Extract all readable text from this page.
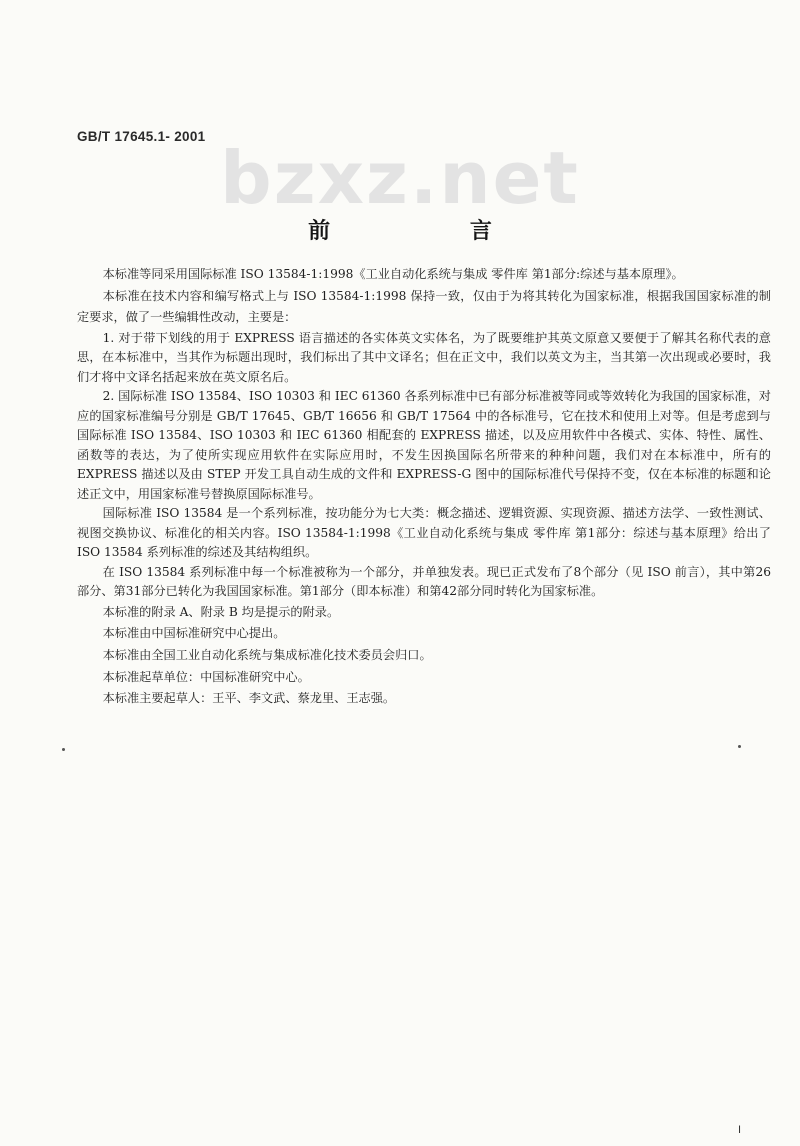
GB/T 17645.1- 2001 bzxz.net
前 言

本标准等同采用国际标准 ISO 13584-1:1998《工业自动化系统与集成 零件库 第1部分:综述与基本原理》。

本标准在技术内容和编写格式上与 ISO 13584-1:1998 保持一致，仅由于为将其转化为国家标准，根据我国国家标准的制定要求，做了一些编辑性改动，主要是：

1. 对于带下划线的用于 EXPRESS 语言描述的各实体英文实体名，为了既要维护其英文原意又要便于了解其名称代表的意思，在本标准中，当其作为标题出现时，我们标出了其中文译名；但在正文中，我们以英文为主，当其第一次出现或必要时，我们才将中文译名括起来放在英文原名后。

2. 国际标准 ISO 13584、ISO 10303 和 IEC 61360 各系列标准中已有部分标准被等同或等效转化为我国的国家标准，对应的国家标准编号分别是 GB/T 17645、GB/T 16656 和 GB/T 17564 中的各标准号，它在技术和使用上对等。但是考虑到与国际标准 ISO 13584、ISO 10303 和 IEC 61360 相配套的 EXPRESS 描述，以及应用软件中各模式、实体、特性、属性、函数等的表达，为了使所实现应用软件在实际应用时，不发生因换国际名所带来的种种问题，我们对在本标准中，所有的 EXPRESS 描述以及由 STEP 开发工具自动生成的文件和 EXPRESS-G 图中的国际标准代号保持不变，仅在本标准的标题和论述正文中，用国家标准号替换原国际标准号。

国际标准 ISO 13584 是一个系列标准，按功能分为七大类：概念描述、逻辑资源、实现资源、描述方法学、一致性测试、视图交换协议、标准化的相关内容。ISO 13584-1:1998《工业自动化系统与集成 零件库 第1部分：综述与基本原理》给出了 ISO 13584 系列标准的综述及其结构组织。

在 ISO 13584 系列标准中每一个标准被称为一个部分，并单独发表。现已正式发布了8个部分（见 ISO 前言），其中第26部分、第31部分已转化为我国国家标准。第1部分（即本标准）和第42部分同时转化为国家标准。

本标准的附录 A、附录 B 均是提示的附录。

本标准由中国标准研究中心提出。

本标准由全国工业自动化系统与集成标准化技术委员会归口。

本标准起草单位：中国标准研究中心。

本标准主要起草人：王平、李文武、蔡龙里、王志强。

I
